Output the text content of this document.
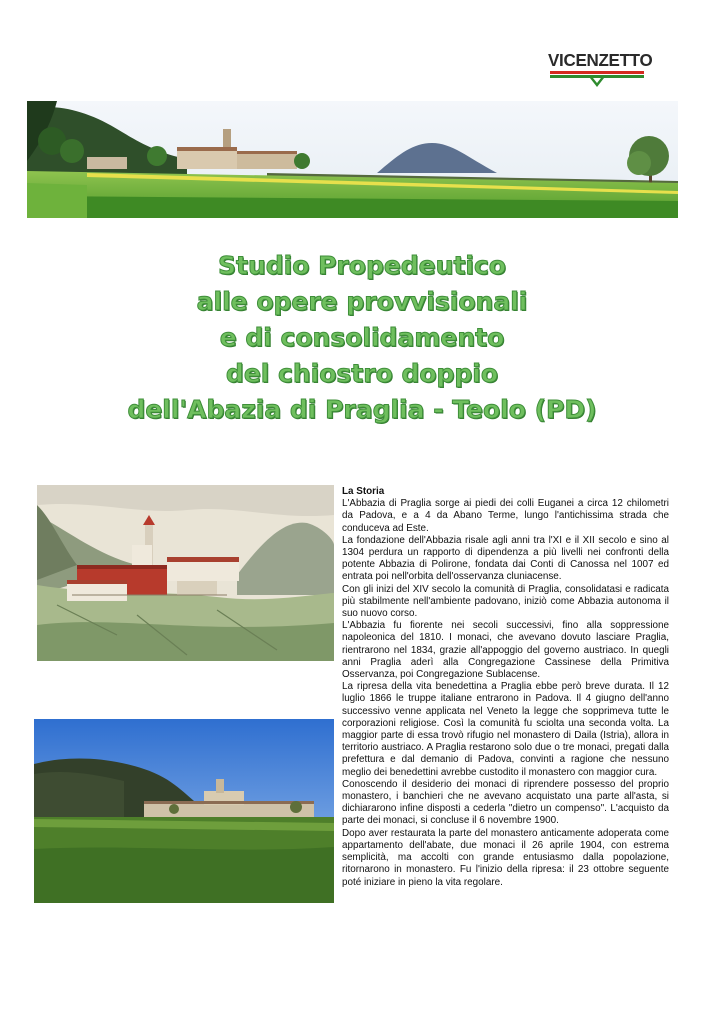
VICENZETTO
Studio Propedeutico
alle opere provvisionali
e di consolidamento
del chiostro doppio
dell'Abazia di Praglia - Teolo (PD)
La Storia

L'Abbazia di Praglia sorge ai piedi dei colli Euganei a circa 12 chilometri da Padova, e a 4 da Abano Terme, lungo l'antichissima strada che conduceva ad Este.

La fondazione dell'Abbazia risale agli anni tra l'XI e il XII secolo e sino al 1304 perdura un rapporto di dipendenza a più livelli nei confronti della potente Abbazia di Polirone, fondata dai Conti di Canossa nel 1007 ed entrata poi nell'orbita dell'osservanza cluniacense.

Con gli inizi del XIV secolo la comunità di Praglia, consolidatasi e radicata più stabilmente nell'ambiente padovano, iniziò come Abbazia autonoma il suo nuovo corso.

L'Abbazia fu fiorente nei secoli successivi, fino alla soppressione napoleonica del 1810. I monaci, che avevano dovuto lasciare Praglia, rientrarono nel 1834, grazie all'appoggio del governo austriaco. In quegli anni Praglia aderì alla Congregazione Cassinese della Primitiva Osservanza, poi Congregazione Sublacense.

La ripresa della vita benedettina a Praglia ebbe però breve durata. Il 12 luglio 1866 le truppe italiane entrarono in Padova. Il 4 giugno dell'anno successivo venne applicata nel Veneto la legge che sopprimeva tutte le corporazioni religiose. Così la comunità fu sciolta una seconda volta. La maggior parte di essa trovò rifugio nel monastero di Daila (Istria), allora in territorio austriaco. A Praglia restarono solo due o tre monaci, pregati dalla prefettura e dal demanio di Padova, convinti a ragione che nessuno meglio dei benedettini avrebbe custodito il monastero con maggior cura.

Conoscendo il desiderio dei monaci di riprendere possesso del proprio monastero, i banchieri che ne avevano acquistato una parte all'asta, si dichiararono infine disposti a cederla "dietro un compenso". L'acquisto da parte dei monaci, si concluse il 6 novembre 1900.

Dopo aver restaurata la parte del monastero anticamente adoperata come appartamento dell'abate, due monaci il 26 aprile 1904, con estrema semplicità, ma accolti con grande entusiasmo dalla popolazione, ritornarono in monastero. Fu l'inizio della ripresa: il 23 ottobre seguente poté iniziare in pieno la vita regolare.
